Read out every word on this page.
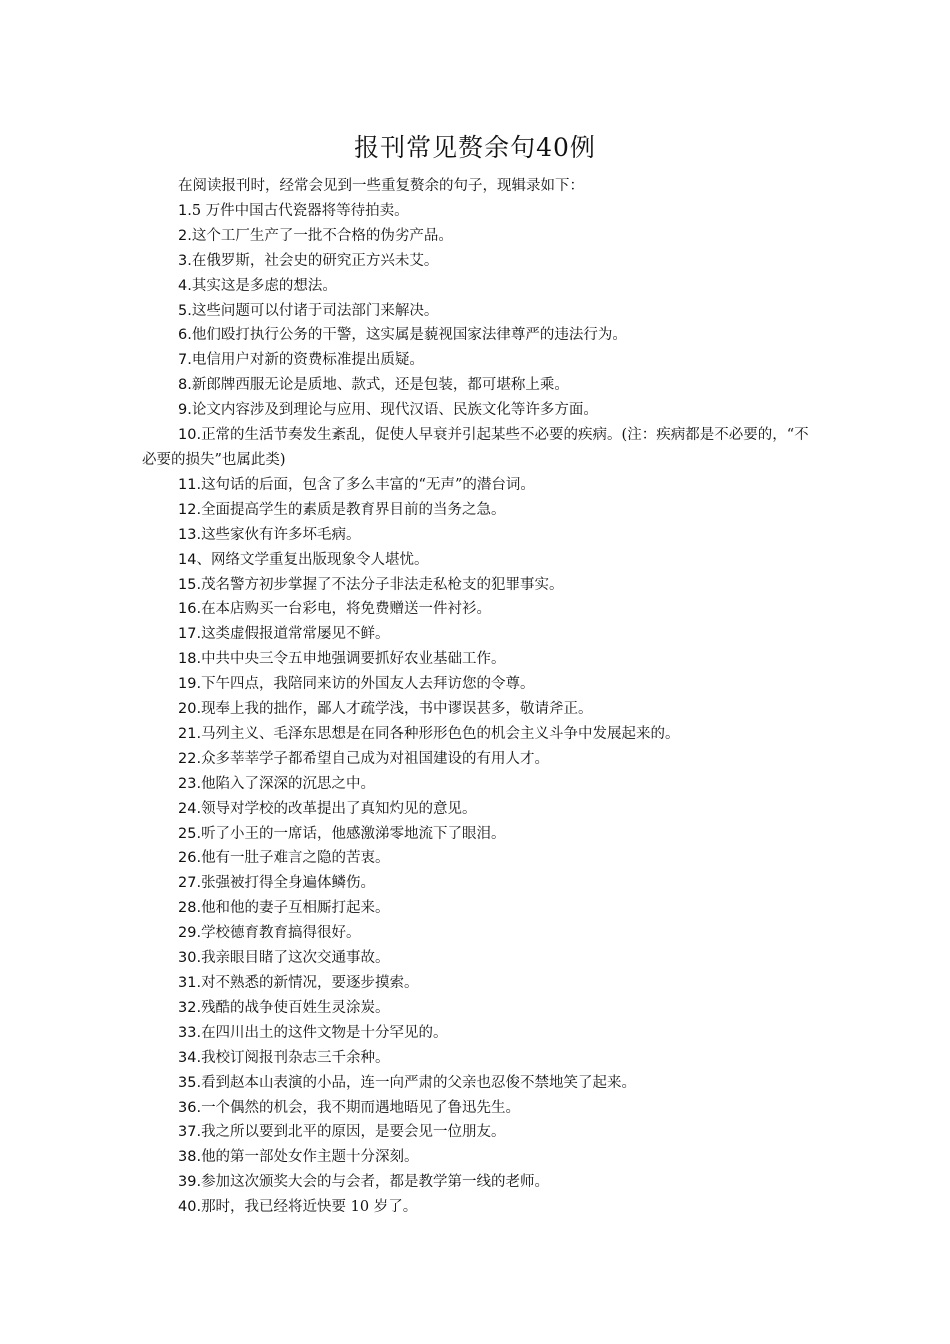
报刊常见赘余句40例

在阅读报刊时，经常会见到一些重复赘余的句子，现辑录如下：

1.5 万件中国古代瓷器将等待拍卖。

2.这个工厂生产了一批不合格的伪劣产品。

3.在俄罗斯，社会史的研究正方兴未艾。

4.其实这是多虑的想法。

5.这些问题可以付诸于司法部门来解决。

6.他们殴打执行公务的干警，这实属是藐视国家法律尊严的违法行为。

7.电信用户对新的资费标准提出质疑。

8.新郎牌西服无论是质地、款式，还是包装，都可堪称上乘。

9.论文内容涉及到理论与应用、现代汉语、民族文化等许多方面。

10.正常的生活节奏发生紊乱，促使人早衰并引起某些不必要的疾病。(注：疾病都是不必要的，“不必要的损失”也属此类)

11.这句话的后面，包含了多么丰富的“无声”的潜台词。

12.全面提高学生的素质是教育界目前的当务之急。

13.这些家伙有许多坏毛病。

14、网络文学重复出版现象令人堪忧。

15.茂名警方初步掌握了不法分子非法走私枪支的犯罪事实。

16.在本店购买一台彩电，将免费赠送一件衬衫。

17.这类虚假报道常常屡见不鲜。

18.中共中央三令五申地强调要抓好农业基础工作。

19.下午四点，我陪同来访的外国友人去拜访您的令尊。

20.现奉上我的拙作，鄙人才疏学浅，书中谬误甚多，敬请斧正。

21.马列主义、毛泽东思想是在同各种形形色色的机会主义斗争中发展起来的。

22.众多莘莘学子都希望自己成为对祖国建设的有用人才。

23.他陷入了深深的沉思之中。

24.领导对学校的改革提出了真知灼见的意见。

25.听了小王的一席话，他感激涕零地流下了眼泪。

26.他有一肚子难言之隐的苦衷。

27.张强被打得全身遍体鳞伤。

28.他和他的妻子互相厮打起来。

29.学校德育教育搞得很好。

30.我亲眼目睹了这次交通事故。

31.对不熟悉的新情况，要逐步摸索。

32.残酷的战争使百姓生灵涂炭。

33.在四川出土的这件文物是十分罕见的。

34.我校订阅报刊杂志三千余种。

35.看到赵本山表演的小品，连一向严肃的父亲也忍俊不禁地笑了起来。

36.一个偶然的机会，我不期而遇地晤见了鲁迅先生。

37.我之所以要到北平的原因，是要会见一位朋友。

38.他的第一部处女作主题十分深刻。

39.参加这次颁奖大会的与会者，都是教学第一线的老师。

40.那时，我已经将近快要 10 岁了。
